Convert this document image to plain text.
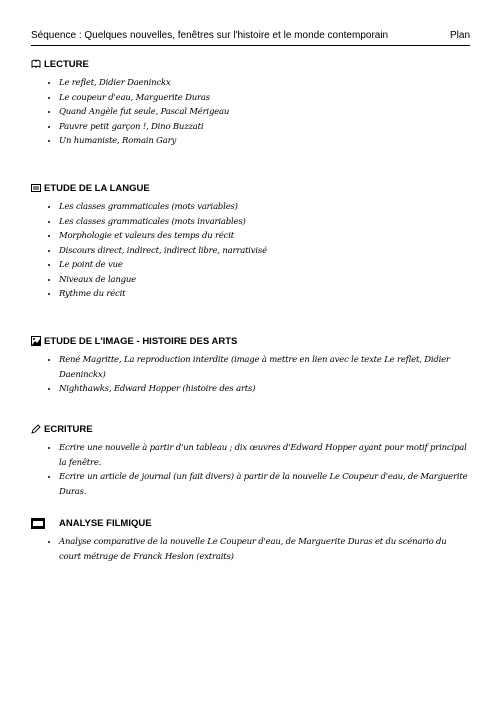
Séquence : Quelques nouvelles, fenêtres sur l'histoire et le monde contemporain	Plan
LECTURE
• Le reflet, Didier Daeninckx
• Le coupeur d'eau, Marguerite Duras
• Quand Angèle fut seule, Pascal Mérigeau
• Pauvre petit garçon !, Dino Buzzati
• Un humaniste, Romain Gary
ETUDE DE LA LANGUE
• Les classes grammaticales (mots variables)
• Les classes grammaticales (mots invariables)
• Morphologie et valeurs des temps du récit
• Discours direct, indirect, indirect libre, narrativisé
• Le point de vue
• Niveaux de langue
• Rythme du récit
ETUDE DE L'IMAGE - HISTOIRE DES ARTS
• René Magritte, La reproduction interdite (image à mettre en lien avec le texte Le reflet, Didier Daeninckx)
• Nighthawks, Edward Hopper (histoire des arts)
ECRITURE
• Ecrire une nouvelle à partir d'un tableau ; dix œuvres d'Edward Hopper ayant pour motif principal la fenêtre.
• Ecrire un article de journal (un fait divers) à partir de la nouvelle Le Coupeur d'eau, de Marguerite Duras.
ANALYSE FILMIQUE
• Analyse comparative de la nouvelle Le Coupeur d'eau, de Marguerite Duras et du scénario du court métrage de Franck Heslon (extraits)
